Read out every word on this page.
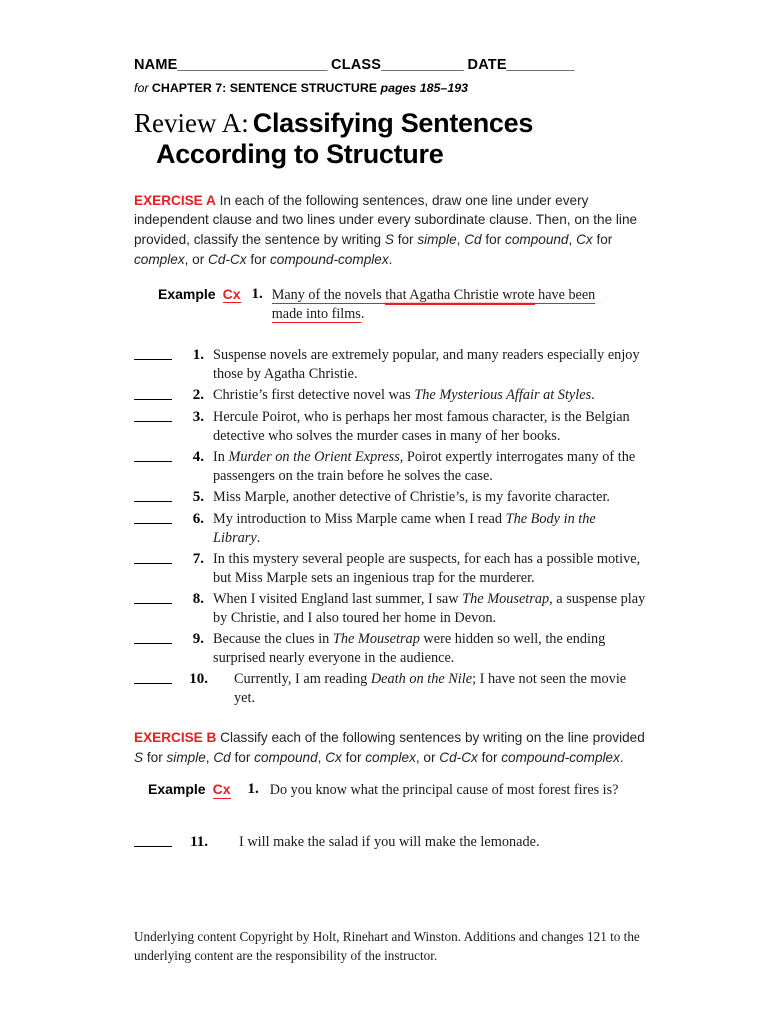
NAME____________________ CLASS___________ DATE_________
for CHAPTER 7: SENTENCE STRUCTURE pages 185–193
Review A: Classifying Sentences
According to Structure
EXERCISE A In each of the following sentences, draw one line under every independent clause and two lines under every subordinate clause. Then, on the line provided, classify the sentence by writing S for simple, Cd for compound, Cx for complex, or Cd-Cx for compound-complex.
Example Cx 1. Many of the novels that Agatha Christie wrote have been made into films.
1. Suspense novels are extremely popular, and many readers especially enjoy those by Agatha Christie.
2. Christie’s first detective novel was The Mysterious Affair at Styles.
3. Hercule Poirot, who is perhaps her most famous character, is the Belgian detective who solves the murder cases in many of her books.
4. In Murder on the Orient Express, Poirot expertly interrogates many of the passengers on the train before he solves the case.
5. Miss Marple, another detective of Christie’s, is my favorite character.
6. My introduction to Miss Marple came when I read The Body in the Library.
7. In this mystery several people are suspects, for each has a possible motive, but Miss Marple sets an ingenious trap for the murderer.
8. When I visited England last summer, I saw The Mousetrap, a suspense play by Christie, and I also toured her home in Devon.
9. Because the clues in The Mousetrap were hidden so well, the ending surprised nearly everyone in the audience.
10. Currently, I am reading Death on the Nile; I have not seen the movie yet.
EXERCISE B Classify each of the following sentences by writing on the line provided S for simple, Cd for compound, Cx for complex, or Cd-Cx for compound-complex.
Example Cx 1. Do you know what the principal cause of most forest fires is?
11. I will make the salad if you will make the lemonade.
Underlying content Copyright by Holt, Rinehart and Winston. Additions and changes 121 to the underlying content are the responsibility of the instructor.
